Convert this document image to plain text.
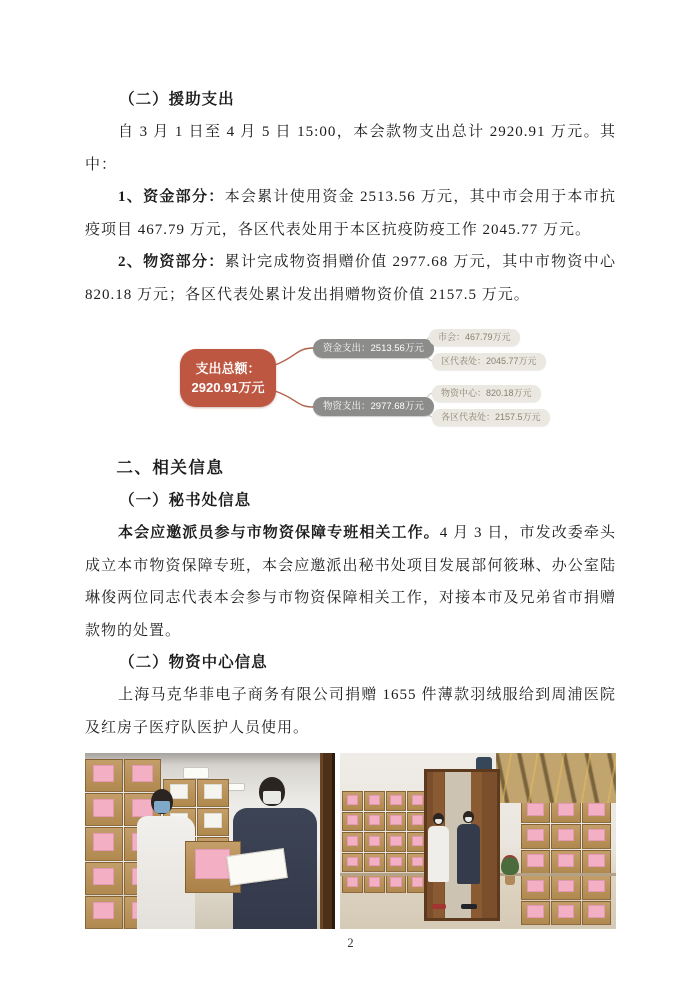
（二）援助支出

自 3 月 1 日至 4 月 5 日 15:00，本会款物支出总计 2920.91 万元。其中：

1、资金部分：本会累计使用资金 2513.56 万元，其中市会用于本市抗疫项目 467.79 万元，各区代表处用于本区抗疫防疫工作 2045.77 万元。

2、物资部分：累计完成物资捐赠价值 2977.68 万元，其中市物资中心 820.18 万元；各区代表处累计发出捐赠物资价值 2157.5 万元。

支出总额：
2920.91万元
资金支出：2513.56万元
物资支出：2977.68万元
市会：467.79万元
区代表处：2045.77万元
物资中心：820.18万元
各区代表处：2157.5万元
二、相关信息
（一）秘书处信息

本会应邀派员参与市物资保障专班相关工作。4 月 3 日，市发改委牵头成立本市物资保障专班，本会应邀派出秘书处项目发展部何筱琳、办公室陆琳俊两位同志代表本会参与市物资保障相关工作，对接本市及兄弟省市捐赠款物的处置。

（二）物资中心信息

上海马克华菲电子商务有限公司捐赠 1655 件薄款羽绒服给到周浦医院及红房子医疗队医护人员使用。

2
